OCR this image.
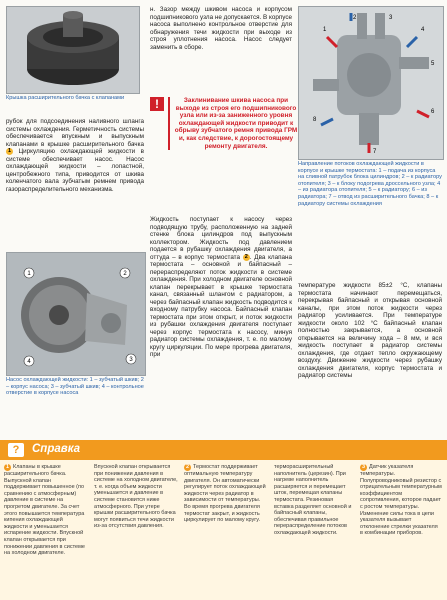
Крышка расширительного бачка с клапанами

рубок для подсоединения наливного шланга системы охлаждения. Герметичность системы обеспечивается впускным и выпускным клапанами в крышке расширительного бачка 1 Циркуляцию охлаждающей жидкости в системе обеспечивает насос. Насос охлаждающей жидкости – лопастной, центробежного типа, приводится от шкива коленчатого вала зубчатым ремнем привода газораспределительного механизма.

1	2
3
4
Насос охлаждающей жидкости: 1 – зубчатый шкив; 2 – корпус насоса; 3 – зубчатый шкив; 4 – контрольное отверстие в корпусе насоса

н. Зазор между шкивом насоса и корпусом подшипникового узла не допускается. В корпусе насоса выполнено контрольное отверстие для обнаружения течи жидкости при выходе из строя уплотнения насоса. Насос следует заменить в сборе.

!	Заклинивание шкива насоса при выходе из строя его подшипникового узла или из-за заниженного уровня охлаждающей жидкости приводит к обрыву зубчатого ремня привода ГРМ и, как следствие, к дорогостоящему ремонту двигателя.

Жидкость поступает к насосу через подводящую трубу, расположенную на задней стенке блока цилиндров под выпускным коллектором. Жидкость под давлением подается в рубашку охлаждения двигателя, а оттуда – в корпус термостата 2 . Два клапана термостата – основной и байпасный – перераспределяют поток жидкости в системе охлаждения. При холодном двигателе основной клапан перекрывает в крышке термостата канал, связанный шлангом с радиатором, а через байпасный клапан жидкость подводится к входному патрубку насоса. Байпасный клапан термостата при этом открыт, и поток жидкости из рубашки охлаждения двигателя поступает через корпус термостата к насосу, минуя радиатор системы охлаждения, т. е. по малому кругу циркуляции. По мере прогрева двигателя, при

1
2	3
4
5
6
7
8
Направление потоков охлаждающей жидкости в корпусе и крышке термостата: 1 – подача из корпуса на сливной патрубок блока цилиндров; 2 – к радиатору отопителя; 3 – к блоку подогрева дроссельного узла; 4 – из радиатора отопителя; 5 – к радиатору; 6 – из радиатора; 7 – отвод из расширительного бачка; 8 – к радиатору системы охлаждения

температуре жидкости 85±2 °С, клапаны термостата начинают перемещаться, перекрывая байпасный и открывая основной каналы, при этом поток жидкости через радиатор усиливается. При температуре жидкости около 102 °С байпасный клапан полностью закрывается, а основной открывается на величину хода – 8 мм, и вся жидкость поступает в радиатор системы охлаждения, где отдает тепло окружающему воздуху. Движение жидкости через рубашку охлаждения двигателя, корпус термостата и радиатор системы

?	Справка
1 Клапаны в крышке расширительного бачка. Выпускной клапан поддерживает повышенное (по сравнению с атмосферным) давление в системе на прогретом двигателе. За счет этого повышается температура кипения охлаждающей жидкости и уменьшается испарение жидкости. Впускной клапан открывается при понижении давления в системе на холодном двигателе.
Впускной клапан открывается при понижении давления в системе на холодном двигателе, т. е. когда объем жидкости уменьшается и давление в системе становится ниже атмосферного. При утере крышки расширительного бачка могут появиться течи жидкости из-за отсутствия давления.
2 Термостат поддерживает оптимальную температуру двигателя. Он автоматически регулирует поток охлаждающей жидкости через радиатор в зависимости от температуры. Во время прогрева двигателя термостат закрыт, и жидкость циркулирует по малому кругу.
терморасширительный наполнитель (церезин). При нагреве наполнитель расширяется и перемещает шток, перемещая клапаны термостата. Резиновая вставка разделяет основной и байпасный клапаны, обеспечивая правильное перераспределение потоков охлаждающей жидкости.
3 Датчик указателя температуры. Полупроводниковый резистор с отрицательным температурным коэффициентом сопротивления, которое падает с ростом температуры. Изменение силы тока в цепи указателя вызывает отклонение стрелки указателя в комбинации приборов.
